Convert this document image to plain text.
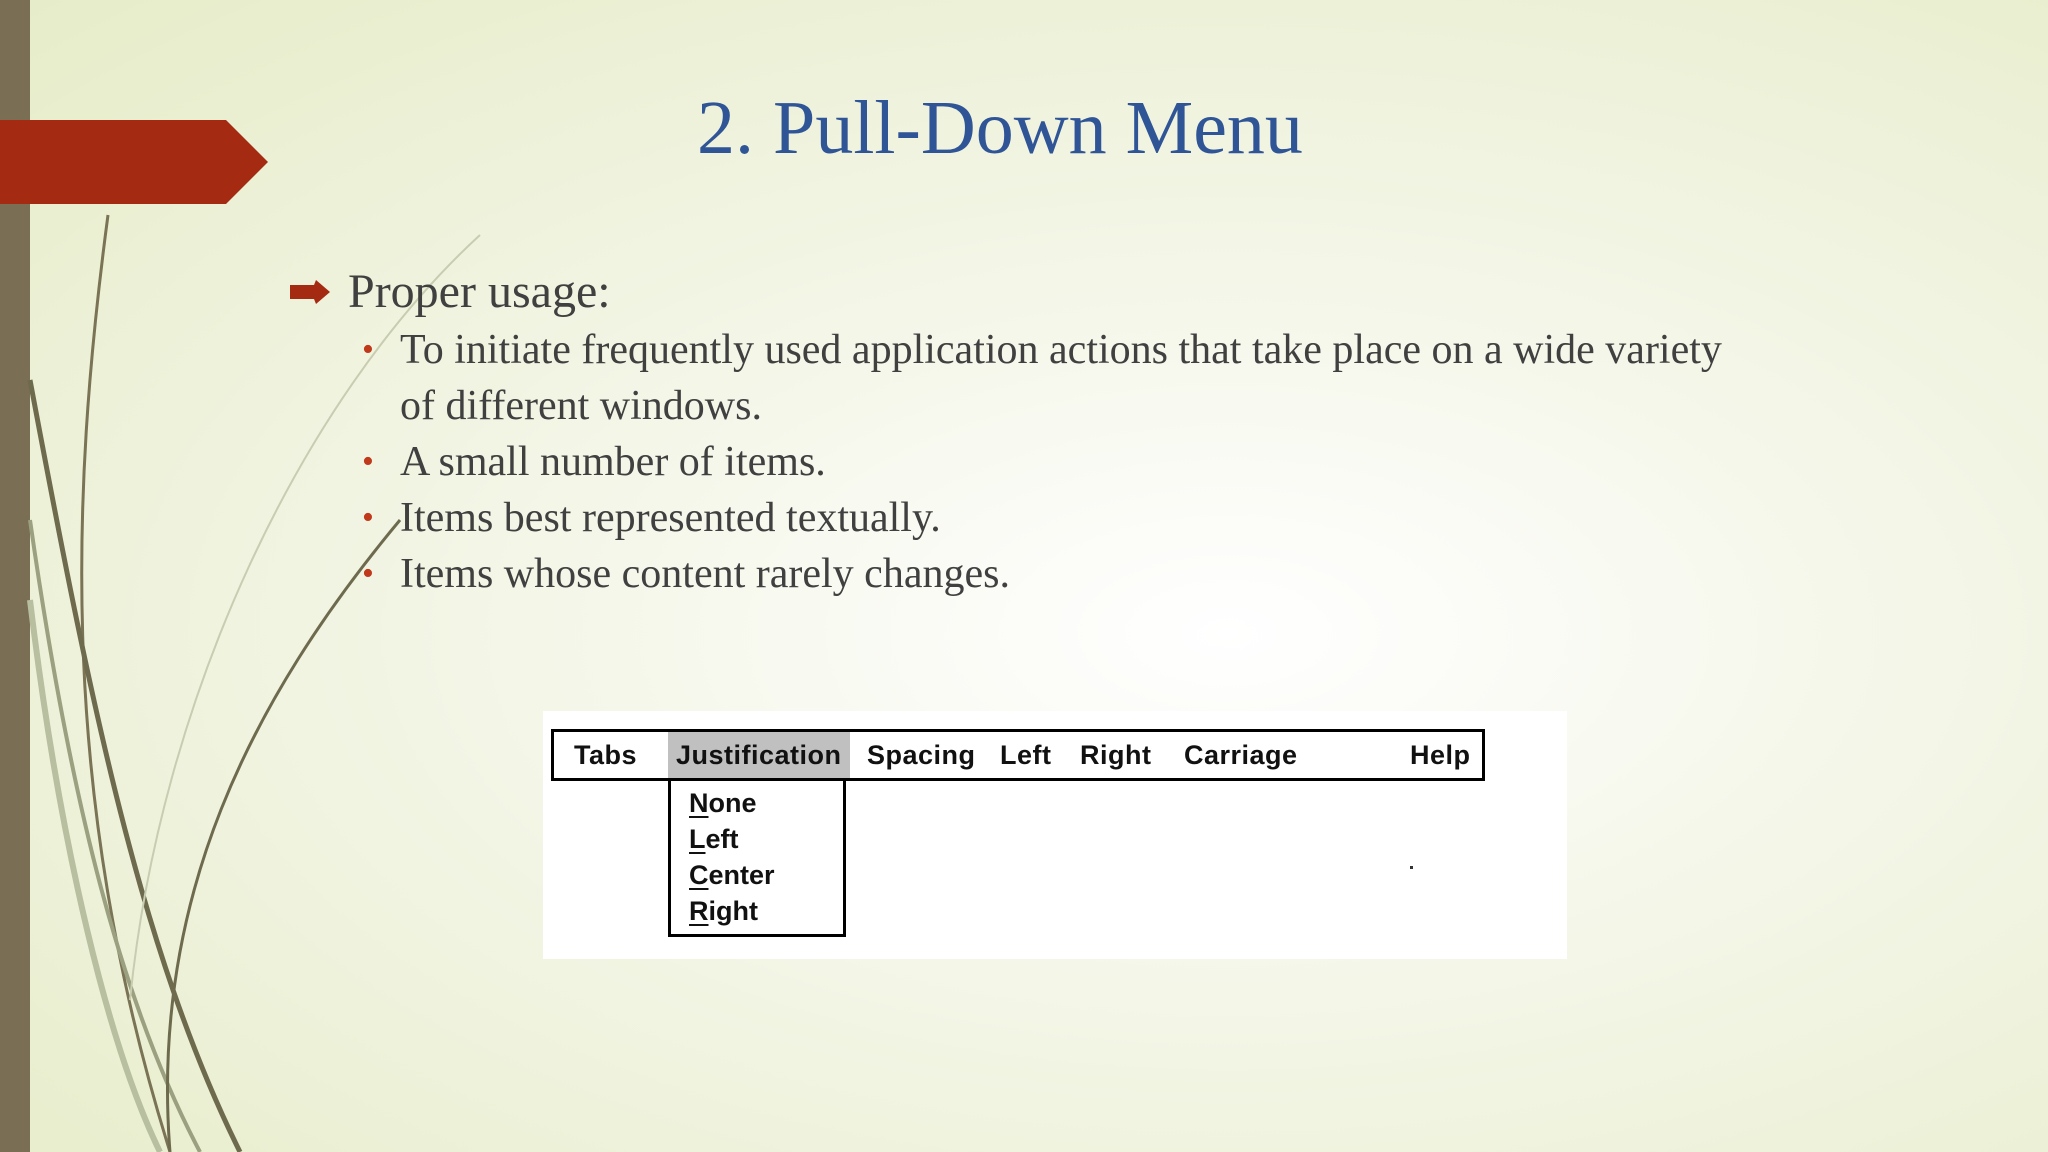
2. Pull-Down Menu
Proper usage:
• To initiate frequently used application actions that take place on a wide variety
of different windows.
• A small number of items.
• Items best represented textually.
• Items whose content rarely changes.
Tabs Justification Spacing Left Right Carriage	Help
None
Left
Center
Right
